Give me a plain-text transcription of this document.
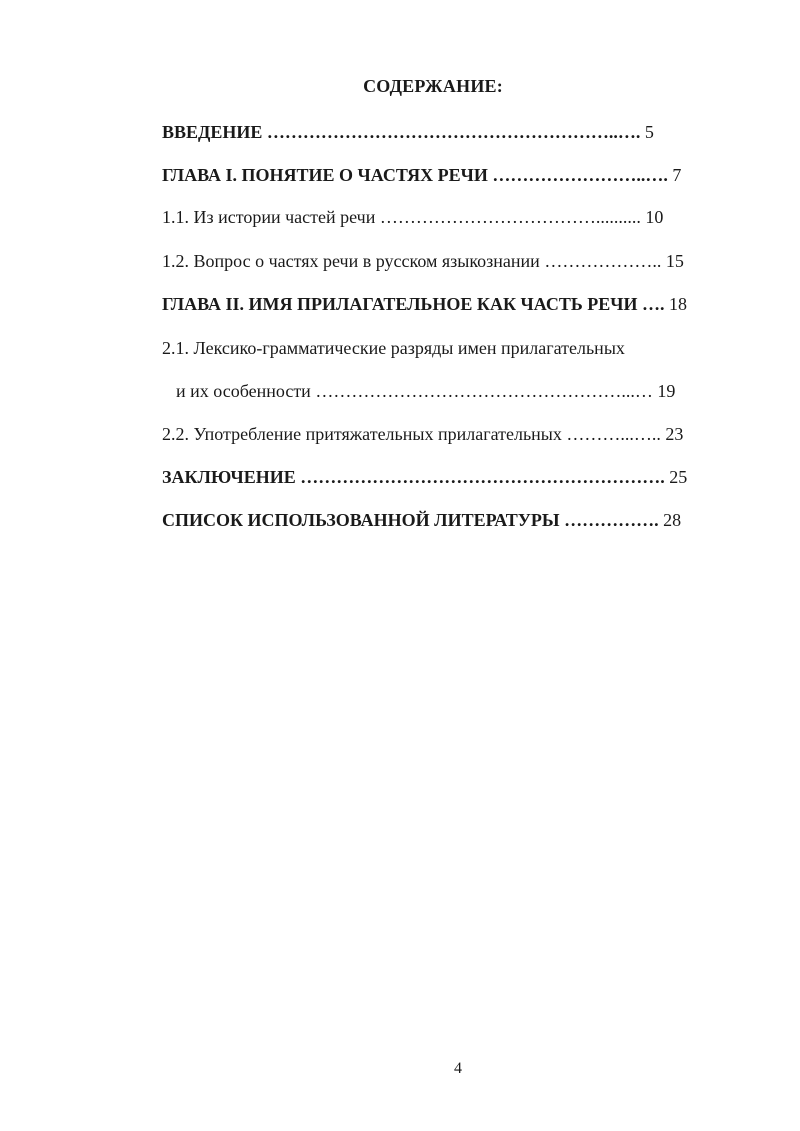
СОДЕРЖАНИЕ:
ВВЕДЕНИЕ …………………………………………………..…. 5
ГЛАВА I. ПОНЯТИЕ О ЧАСТЯХ РЕЧИ ……………………..…. 7
1.1. Из истории частей речи ……………………………….......... 10
1.2. Вопрос о частях речи в русском языкознании ……………….. 15
ГЛАВА II. ИМЯ ПРИЛАГАТЕЛЬНОЕ КАК ЧАСТЬ РЕЧИ …. 18
2.1. Лексико-грамматические разряды имен прилагательных
и их особенности ……………………………………………...… 19
2.2. Употребление притяжательных прилагательных ………...….. 23
ЗАКЛЮЧЕНИЕ ……………………………………………………. 25
СПИСОК ИСПОЛЬЗОВАННОЙ ЛИТЕРАТУРЫ ……………. 28
4
